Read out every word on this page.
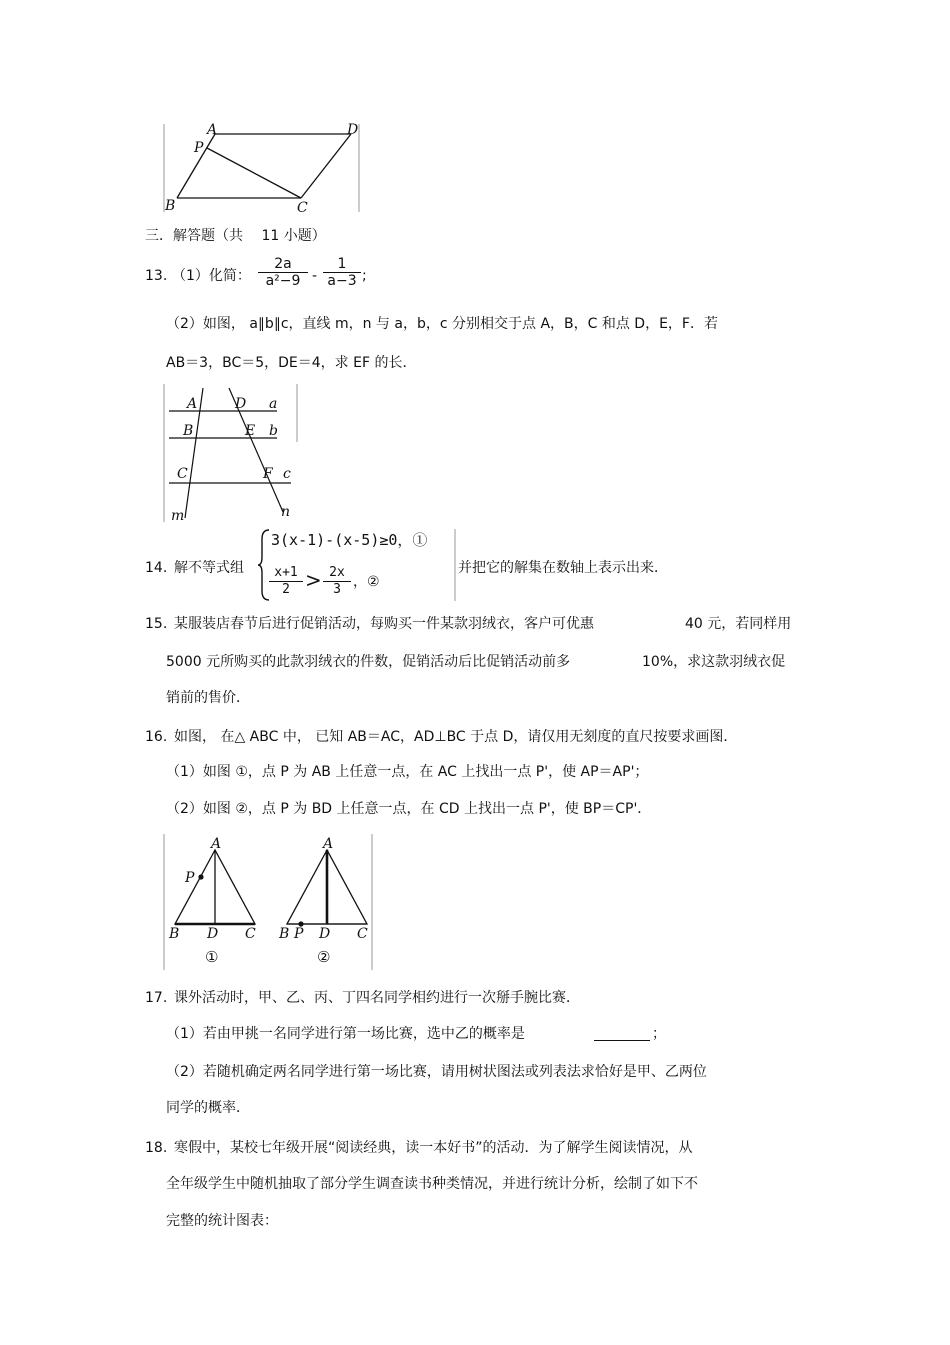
A	D
P
B	C
三．解答题（共　 11 小题）
13. （1）化简： $\frac{2a}{\text{a²−9}} - \frac{1}{a-3}$ ;
（2）如图， a∥b∥c，直线 m，n 与 a，b，c 分别相交于点 A，B，C 和点 D，E，F．若
AB＝3，BC＝5，DE＝4，求 EF 的长．
A	D a
B	E b
C	F c
m	n
14. 解不等式组
3(x-1)-(x-5)≥0，①
$\frac{x+1}{2} > \frac{2x}{3}$ ，②
并把它的解集在数轴上表示出来．
15. 某服装店春节后进行促销活动，每购买一件某款羽绒衣，客户可优惠	40 元，若同样用
5000 元所购买的此款羽绒衣的件数，促销活动后比促销活动前多	10%，求这款羽绒衣促
销前的售价．
16. 如图， 在△ ABC 中， 已知 AB＝AC，AD⊥BC 于点 D，请仅用无刻度的直尺按要求画图．
（1）如图 ①，点 P 为 AB 上任意一点，在 AC 上找出一点 P'，使 AP＝AP'；
（2）如图 ②，点 P 为 BD 上任意一点，在 CD 上找出一点 P'，使 BP＝CP'．
A
P
B D C
①
A
B P D C
②
17. 课外活动时，甲、乙、丙、丁四名同学相约进行一次掰手腕比赛．
（1）若由甲挑一名同学进行第一场比赛，选中乙的概率是	；
（2）若随机确定两名同学进行第一场比赛，请用树状图法或列表法求恰好是甲、乙两位
同学的概率．
18. 寒假中，某校七年级开展“阅读经典，读一本好书”的活动．为了解学生阅读情况，从
全年级学生中随机抽取了部分学生调查读书种类情况，并进行统计分析，绘制了如下不
完整的统计图表：
